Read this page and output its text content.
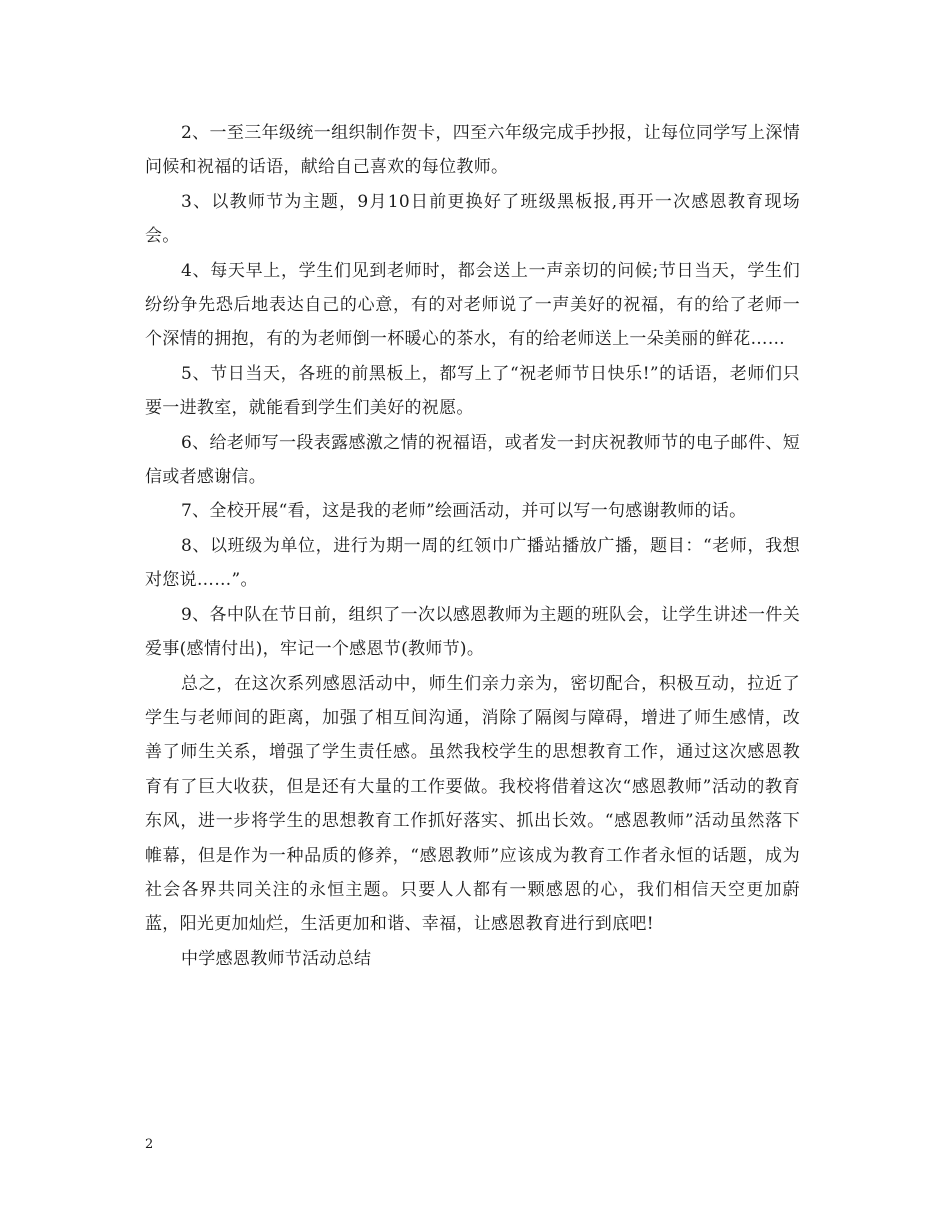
2、一至三年级统一组织制作贺卡，四至六年级完成手抄报，让每位同学写上深情问候和祝福的话语，献给自己喜欢的每位教师。

3、以教师节为主题，9月10日前更换好了班级黑板报,再开一次感恩教育现场会。

4、每天早上，学生们见到老师时，都会送上一声亲切的问候;节日当天，学生们纷纷争先恐后地表达自己的心意，有的对老师说了一声美好的祝福，有的给了老师一个深情的拥抱，有的为老师倒一杯暖心的茶水，有的给老师送上一朵美丽的鲜花……

5、节日当天，各班的前黑板上，都写上了“祝老师节日快乐!”的话语，老师们只要一进教室，就能看到学生们美好的祝愿。

6、给老师写一段表露感激之情的祝福语，或者发一封庆祝教师节的电子邮件、短信或者感谢信。

7、全校开展“看，这是我的老师”绘画活动，并可以写一句感谢教师的话。

8、以班级为单位，进行为期一周的红领巾广播站播放广播，题目：“老师，我想对您说……”。

9、各中队在节日前，组织了一次以感恩教师为主题的班队会，让学生讲述一件关爱事(感情付出)，牢记一个感恩节(教师节)。

总之，在这次系列感恩活动中，师生们亲力亲为，密切配合，积极互动，拉近了学生与老师间的距离，加强了相互间沟通，消除了隔阂与障碍，增进了师生感情，改善了师生关系，增强了学生责任感。虽然我校学生的思想教育工作，通过这次感恩教育有了巨大收获，但是还有大量的工作要做。我校将借着这次“感恩教师”活动的教育东风，进一步将学生的思想教育工作抓好落实、抓出长效。“感恩教师”活动虽然落下帷幕，但是作为一种品质的修养，“感恩教师”应该成为教育工作者永恒的话题，成为社会各界共同关注的永恒主题。只要人人都有一颗感恩的心，我们相信天空更加蔚蓝，阳光更加灿烂，生活更加和谐、幸福，让感恩教育进行到底吧!

中学感恩教师节活动总结

2
